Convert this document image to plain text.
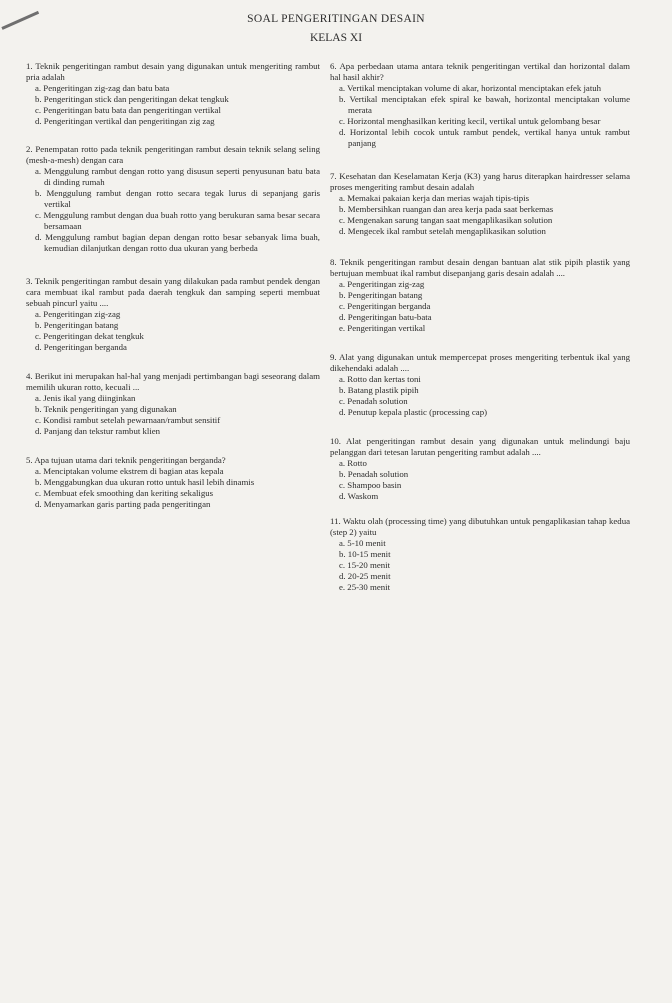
SOAL PENGERITINGAN DESAIN
KELAS XI
1. Teknik pengeritingan rambut desain yang digunakan untuk mengeriting rambut pria adalah
a. Pengeritingan zig-zag dan batu bata
b. Pengeritingan stick dan pengeritingan dekat tengkuk
c. Pengeritingan batu bata dan pengeritingan vertikal
d. Pengeritingan vertikal dan pengeritingan zig zag
2. Penempatan rotto pada teknik pengeritingan rambut desain teknik selang seling (mesh-a-mesh) dengan cara
a. Menggulung rambut dengan rotto yang disusun seperti penyusunan batu bata di dinding rumah
b. Menggulung rambut dengan rotto secara tegak lurus di sepanjang garis vertikal
c. Menggulung rambut dengan dua buah rotto yang berukuran sama besar secara bersamaan
d. Menggulung rambut bagian depan dengan rotto besar sebanyak lima buah, kemudian dilanjutkan dengan rotto dua ukuran yang berbeda
3. Teknik pengeritingan rambut desain yang dilakukan pada rambut pendek dengan cara membuat ikal rambut pada daerah tengkuk dan samping seperti membuat sebuah pincurl yaitu ....
a. Pengeritingan zig-zag
b. Pengeritingan batang
c. Pengeritingan dekat tengkuk
d. Pengeritingan berganda
4. Berikut ini merupakan hal-hal yang menjadi pertimbangan bagi seseorang dalam memilih ukuran rotto, kecuali ...
a. Jenis ikal yang diinginkan
b. Teknik pengeritingan yang digunakan
c. Kondisi rambut setelah pewarnaan/rambut sensitif
d. Panjang dan tekstur rambut klien
5. Apa tujuan utama dari teknik pengeritingan berganda?
a. Menciptakan volume ekstrem di bagian atas kepala
b. Menggabungkan dua ukuran rotto untuk hasil lebih dinamis
c. Membuat efek smoothing dan keriting sekaligus
d. Menyamarkan garis parting pada pengeritingan
6. Apa perbedaan utama antara teknik pengeritingan vertikal dan horizontal dalam hal hasil akhir?
a. Vertikal menciptakan volume di akar, horizontal menciptakan efek jatuh
b. Vertikal menciptakan efek spiral ke bawah, horizontal menciptakan volume merata
c. Horizontal menghasilkan keriting kecil, vertikal untuk gelombang besar
d. Horizontal lebih cocok untuk rambut pendek, vertikal hanya untuk rambut panjang
7. Kesehatan dan Keselamatan Kerja (K3) yang harus diterapkan hairdresser selama proses mengeriting rambut desain adalah
a. Memakai pakaian kerja dan merias wajah tipis-tipis
b. Membersihkan ruangan dan area kerja pada saat berkemas
c. Mengenakan sarung tangan saat mengaplikasikan solution
d. Mengecek ikal rambut setelah mengaplikasikan solution
8. Teknik pengeritingan rambut desain dengan bantuan alat stik pipih plastik yang bertujuan membuat ikal rambut disepanjang garis desain adalah ....
a. Pengeritingan zig-zag
b. Pengeritingan batang
c. Pengeritingan berganda
d. Pengeritingan batu-bata
e. Pengeritingan vertikal
9. Alat yang digunakan untuk mempercepat proses mengeriting terbentuk ikal yang dikehendaki adalah ....
a. Rotto dan kertas toni
b. Batang plastik pipih
c. Penadah solution
d. Penutup kepala plastic (processing cap)
10. Alat pengeritingan rambut desain yang digunakan untuk melindungi baju pelanggan dari tetesan larutan pengeriting rambut adalah ....
a. Rotto
b. Penadah solution
c. Shampoo basin
d. Waskom
11. Waktu olah (processing time) yang dibutuhkan untuk pengaplikasian tahap kedua (step 2) yaitu
a. 5-10 menit
b. 10-15 menit
c. 15-20 menit
d. 20-25 menit
e. 25-30 menit
